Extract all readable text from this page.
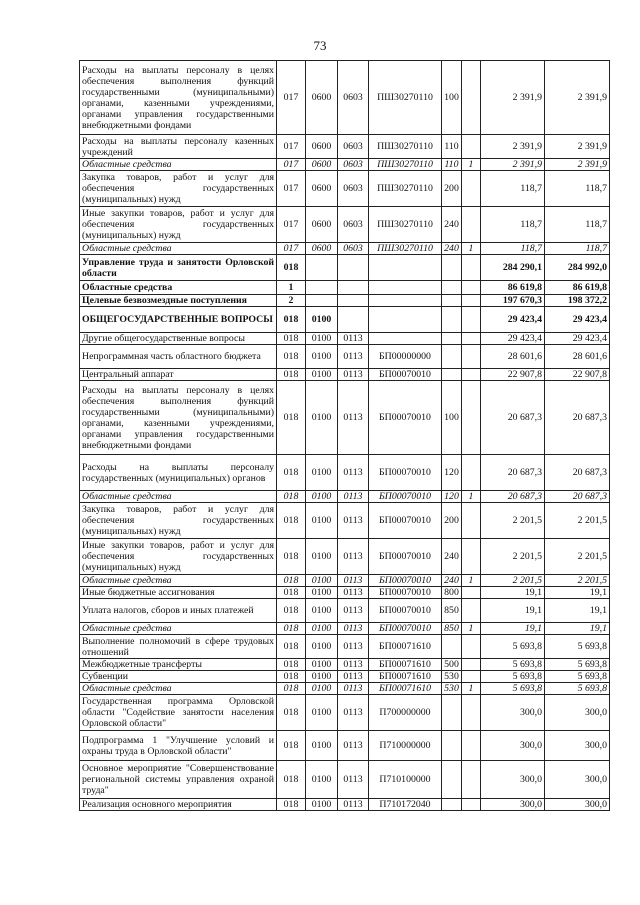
73
Расходы на выплаты персоналу в целях обеспечения выполнения функций государственными (муниципальными) органами, казенными учреждениями, органами управления государственными внебюджетными фондами	017	0600	0603	ПШ30270110	100		2 391,9	2 391,9
Расходы на выплаты персоналу казенных учреждений	017	0600	0603	ПШ30270110	110		2 391,9	2 391,9
Областные средства	017	0600	0603	ПШ30270110	110	1	2 391,9	2 391,9
Закупка товаров, работ и услуг для обеспечения государственных (муниципальных) нужд	017	0600	0603	ПШ30270110	200		118,7	118,7
Иные закупки товаров, работ и услуг для обеспечения государственных (муниципальных) нужд	017	0600	0603	ПШ30270110	240		118,7	118,7
Областные средства	017	0600	0603	ПШ30270110	240	1	118,7	118,7
Управление труда и занятости Орловской области	018						284 290,1	284 992,0
Областные средства	1						86 619,8	86 619,8
Целевые безвозмездные поступления	2						197 670,3	198 372,2
ОБЩЕГОСУДАРСТВЕННЫЕ ВОПРОСЫ	018	0100					29 423,4	29 423,4
Другие общегосударственные вопросы	018	0100	0113				29 423,4	29 423,4
Непрограммная часть областного бюджета	018	0100	0113	БП00000000			28 601,6	28 601,6
Центральный аппарат	018	0100	0113	БП00070010			22 907,8	22 907,8
Расходы на выплаты персоналу в целях обеспечения выполнения функций государственными (муниципальными) органами, казенными учреждениями, органами управления государственными внебюджетными фондами	018	0100	0113	БП00070010	100		20 687,3	20 687,3
Расходы на выплаты персоналу государственных (муниципальных) органов	018	0100	0113	БП00070010	120		20 687,3	20 687,3
Областные средства	018	0100	0113	БП00070010	120	1	20 687,3	20 687,3
Закупка товаров, работ и услуг для обеспечения государственных (муниципальных) нужд	018	0100	0113	БП00070010	200		2 201,5	2 201,5
Иные закупки товаров, работ и услуг для обеспечения государственных (муниципальных) нужд	018	0100	0113	БП00070010	240		2 201,5	2 201,5
Областные средства	018	0100	0113	БП00070010	240	1	2 201,5	2 201,5
Иные бюджетные ассигнования	018	0100	0113	БП00070010	800		19,1	19,1
Уплата налогов, сборов и иных платежей	018	0100	0113	БП00070010	850		19,1	19,1
Областные средства	018	0100	0113	БП00070010	850	1	19,1	19,1
Выполнение полномочий в сфере трудовых отношений	018	0100	0113	БП00071610			5 693,8	5 693,8
Межбюджетные трансферты	018	0100	0113	БП00071610	500		5 693,8	5 693,8
Субвенции	018	0100	0113	БП00071610	530		5 693,8	5 693,8
Областные средства	018	0100	0113	БП00071610	530	1	5 693,8	5 693,8
Государственная программа Орловской области "Содействие занятости населения Орловской области"	018	0100	0113	П700000000			300,0	300,0
Подпрограмма 1 "Улучшение условий и охраны труда в Орловской области"	018	0100	0113	П710000000			300,0	300,0
Основное мероприятие "Совершенствование региональной системы управления охраной труда"	018	0100	0113	П710100000			300,0	300,0
Реализация основного мероприятия	018	0100	0113	П710172040			300,0	300,0
